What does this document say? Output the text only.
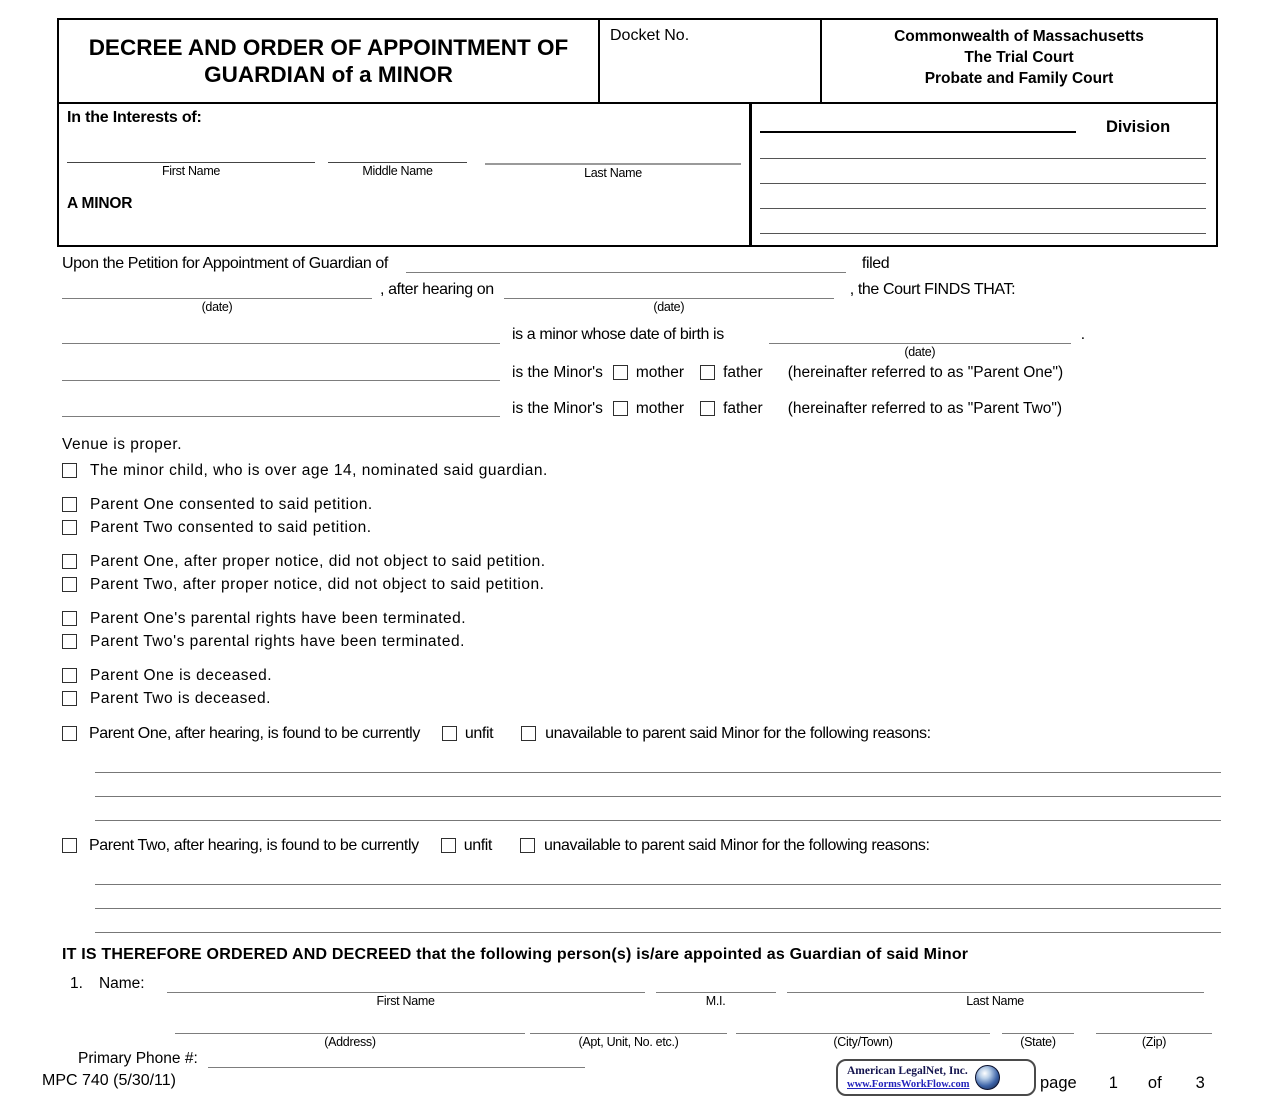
DECREE AND ORDER OF APPOINTMENT OF GUARDIAN of a MINOR
Docket No.	Commonwealth of Massachusetts
The Trial Court
Probate and Family Court
In the Interests of:
First Name	Middle Name	Last Name
A MINOR
Division
Upon the Petition for Appointment of Guardian of	filed
(date)
, after hearing on
(date)
, the Court FINDS THAT:
is a minor whose date of birth is
(date)
.
is the Minor's mother	father (hereinafter referred to as "Parent One")
is the Minor's mother	father (hereinafter referred to as "Parent Two")
Venue is proper.
The minor child, who is over age 14, nominated said guardian.
Parent One consented to said petition.
Parent Two consented to said petition.
Parent One, after proper notice, did not object to said petition.
Parent Two, after proper notice, did not object to said petition.
Parent One's parental rights have been terminated.
Parent Two's parental rights have been terminated.
Parent One is deceased.
Parent Two is deceased.
Parent One, after hearing, is found to be currently	unfit	unavailable to parent said Minor for the following reasons:
Parent Two, after hearing, is found to be currently	unfit	unavailable to parent said Minor for the following reasons:
IT IS THEREFORE ORDERED AND DECREED that the following person(s) is/are appointed as Guardian of said Minor
1. Name:
First Name	M.I.	Last Name
(Address)	(Apt, Unit, No. etc.)	(City/Town)	(State)	(Zip)
Primary Phone #:
MPC 740 (5/30/11)
American LegalNet, Inc.
www.FormsWorkFlow.com	page 1 of 3
